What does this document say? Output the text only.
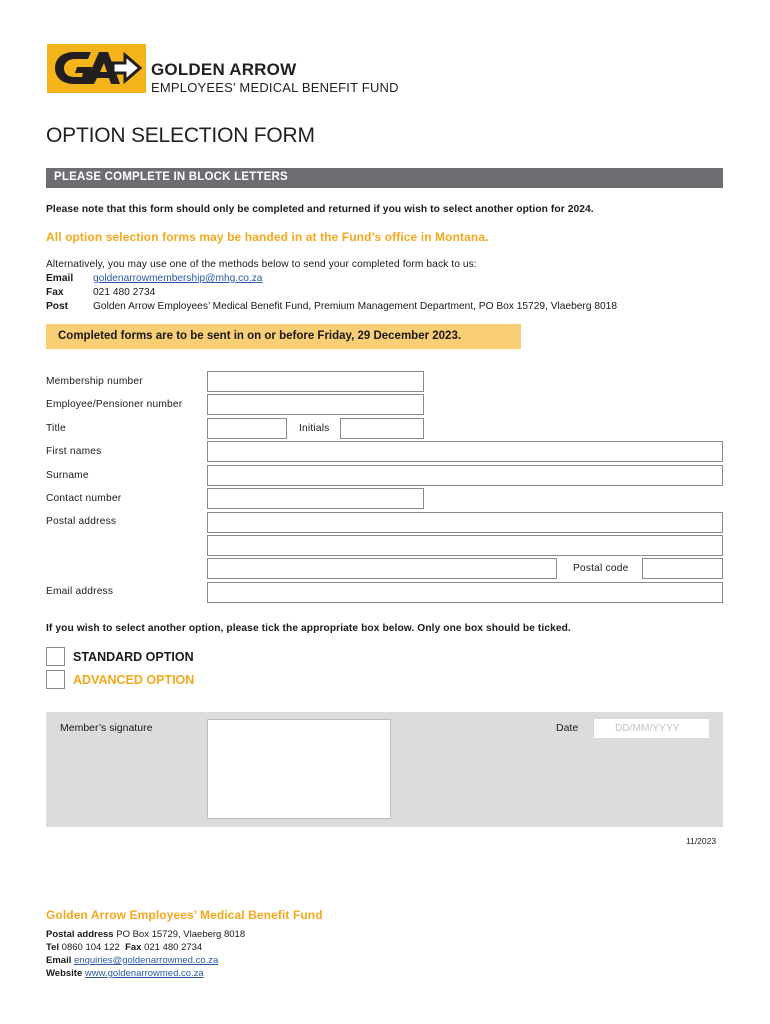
GOLDEN ARROW
EMPLOYEES’ MEDICAL BENEFIT FUND
OPTION SELECTION FORM
PLEASE COMPLETE IN BLOCK LETTERS
Please note that this form should only be completed and returned if you wish to select another option for 2024.
All option selection forms may be handed in at the Fund’s office in Montana.
Alternatively, you may use one of the methods below to send your completed form back to us:
Email goldenarrowmembership@mhg.co.za
Fax	021 480 2734
Post Golden Arrow Employees’ Medical Benefit Fund, Premium Management Department, PO Box 15729, Vlaeberg 8018
Completed forms are to be sent in on or before Friday, 29 December 2023.
Membership number
Employee/Pensioner number
Title	Initials
First names
Surname
Contact number
Postal address
Postal code
Email address
If you wish to select another option, please tick the appropriate box below. Only one box should be ticked.
STANDARD OPTION
ADVANCED OPTION
Member’s signature	Date	DD/MM/YYYY
11/2023
Golden Arrow Employees’ Medical Benefit Fund
Postal address PO Box 15729, Vlaeberg 8018
Tel 0860 104 122 Fax 021 480 2734
Email enquiries@goldenarrowmed.co.za
Website www.goldenarrowmed.co.za
